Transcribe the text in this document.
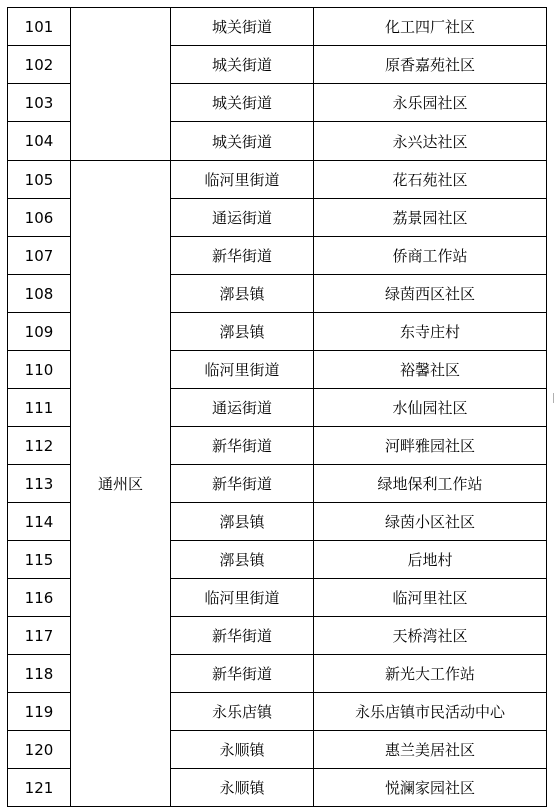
101		城关街道	化工四厂社区
102		城关街道	原香嘉苑社区
103		城关街道	永乐园社区
104		城关街道	永兴达社区
105	通州区	临河里街道	花石苑社区
106		通运街道	荔景园社区
107		新华街道	侨商工作站
108		漷县镇	绿茵西区社区
109		漷县镇	东寺庄村
110		临河里街道	裕馨社区
111		通运街道	水仙园社区
112		新华街道	河畔雅园社区
113		新华街道	绿地保利工作站
114		漷县镇	绿茵小区社区
115		漷县镇	后地村
116		临河里街道	临河里社区
117		新华街道	天桥湾社区
118		新华街道	新光大工作站
119		永乐店镇	永乐店镇市民活动中心
120		永顺镇	惠兰美居社区
121		永顺镇	悦澜家园社区
